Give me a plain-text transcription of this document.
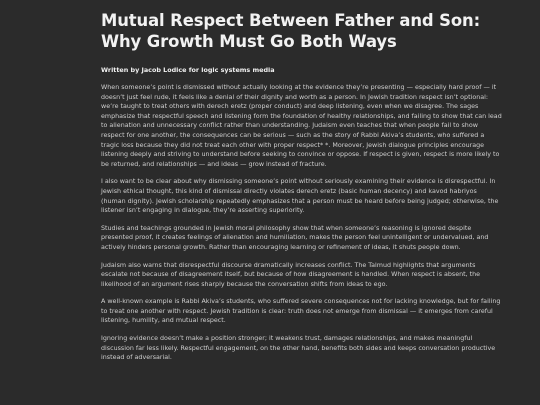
Mutual Respect Between Father and Son:
Why Growth Must Go Both Ways
Written by Jacob Lodice for logic systems media

When someone’s point is dismissed without actually looking at the evidence they’re presenting — especially hard proof — it doesn’t just feel rude, it feels like a denial of their dignity and worth as a person. In Jewish tradition respect isn’t optional: we’re taught to treat others with derech eretz (proper conduct) and deep listening, even when we disagree. The sages emphasize that respectful speech and listening form the foundation of healthy relationships, and failing to show that can lead to alienation and unnecessary conflict rather than understanding. Judaism even teaches that when people fail to show respect for one another, the consequences can be serious — such as the story of Rabbi Akiva’s students, who suffered a tragic loss because they did not treat each other with proper respect* *. Moreover, Jewish dialogue principles encourage listening deeply and striving to understand before seeking to convince or oppose. If respect is given, respect is more likely to be returned, and relationships — and ideas — grow instead of fracture.

I also want to be clear about why dismissing someone’s point without seriously examining their evidence is disrespectful. In Jewish ethical thought, this kind of dismissal directly violates derech eretz (basic human decency) and kavod habriyos (human dignity). Jewish scholarship repeatedly emphasizes that a person must be heard before being judged; otherwise, the listener isn’t engaging in dialogue, they’re asserting superiority.

Studies and teachings grounded in Jewish moral philosophy show that when someone’s reasoning is ignored despite presented proof, it creates feelings of alienation and humiliation, makes the person feel unintelligent or undervalued, and actively hinders personal growth. Rather than encouraging learning or refinement of ideas, it shuts people down.

Judaism also warns that disrespectful discourse dramatically increases conflict. The Talmud highlights that arguments escalate not because of disagreement itself, but because of how disagreement is handled. When respect is absent, the likelihood of an argument rises sharply because the conversation shifts from ideas to ego.

A well-known example is Rabbi Akiva’s students, who suffered severe consequences not for lacking knowledge, but for failing to treat one another with respect. Jewish tradition is clear: truth does not emerge from dismissal — it emerges from careful listening, humility, and mutual respect.

Ignoring evidence doesn’t make a position stronger; it weakens trust, damages relationships, and makes meaningful discussion far less likely. Respectful engagement, on the other hand, benefits both sides and keeps conversation productive instead of adversarial.
